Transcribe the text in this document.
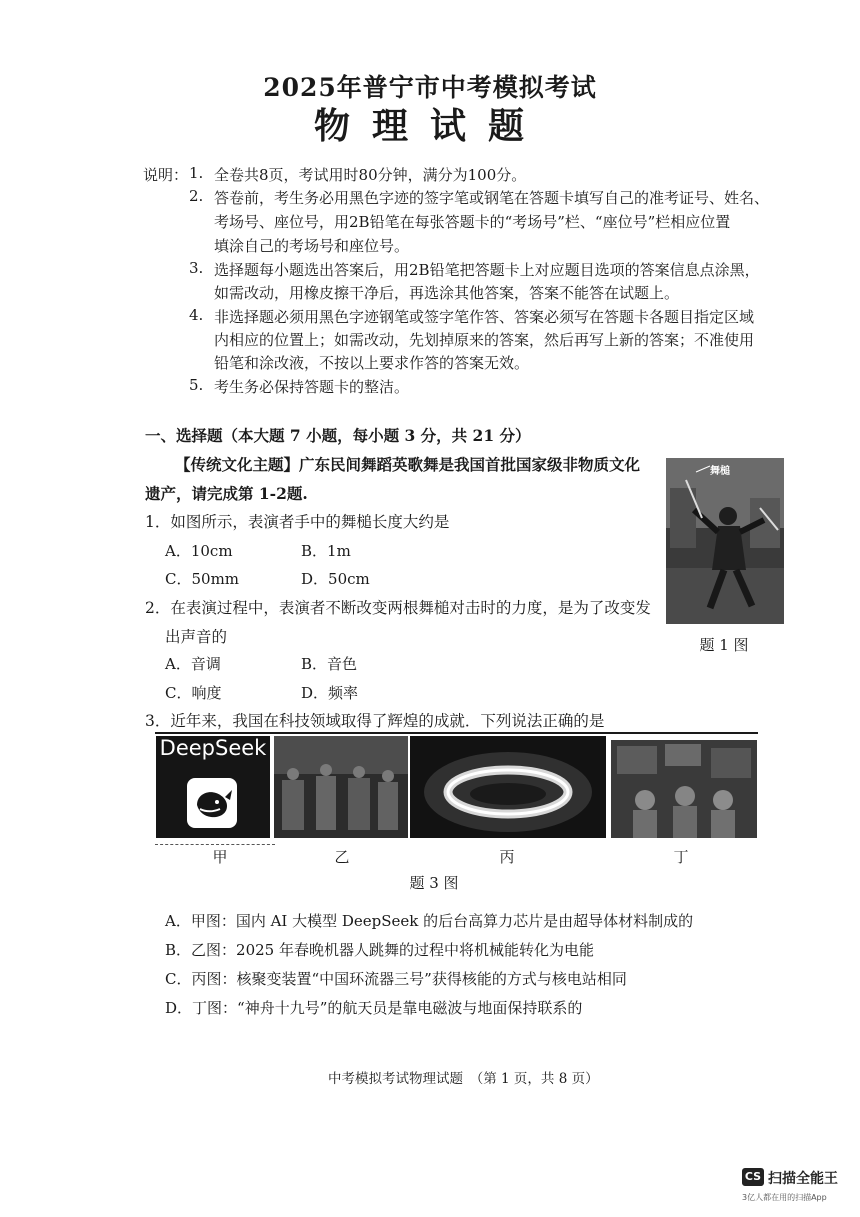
2025年普宁市中考模拟考试
物理试题
说明： 1. 全卷共8页，考试用时80分钟，满分为100分。
2. 答卷前，考生务必用黑色字迹的签字笔或钢笔在答题卡填写自己的准考证号、姓名、
考场号、座位号，用2B铅笔在每张答题卡的“考场号”栏、“座位号”栏相应位置
填涂自己的考场号和座位号。
3. 选择题每小题选出答案后，用2B铅笔把答题卡上对应题目选项的答案信息点涂黑，
如需改动，用橡皮擦干净后，再选涂其他答案，答案不能答在试题上。
4. 非选择题必须用黑色字迹钢笔或签字笔作答、答案必须写在答题卡各题目指定区域
内相应的位置上；如需改动，先划掉原来的答案，然后再写上新的答案；不准使用
铅笔和涂改液，不按以上要求作答的答案无效。
5. 考生务必保持答题卡的整洁。
一、选择题（本大题 7 小题，每小题 3 分，共 21 分）
【传统文化主题】广东民间舞蹈英歌舞是我国首批国家级非物质文化
遗产，请完成第 1-2题.
舞槌
题 1 图
1．如图所示，表演者手中的舞槌长度大约是
A．10cm	B．1m
C．50mm	D．50cm
2．在表演过程中，表演者不断改变两根舞槌对击时的力度，是为了改变发
出声音的
A．音调	B．音色
C．响度	D．频率
3．近年来，我国在科技领域取得了辉煌的成就．下列说法正确的是
DeepSeek
甲	乙	丙	丁
题 3 图
A．甲图：国内 AI 大模型 DeepSeek 的后台高算力芯片是由超导体材料制成的
B．乙图：2025 年春晚机器人跳舞的过程中将机械能转化为电能
C．丙图：核聚变装置“中国环流器三号”获得核能的方式与核电站相同
D．丁图：“神舟十九号”的航天员是靠电磁波与地面保持联系的
中考模拟考试物理试题　（第 1 页，共 8 页）
CS 扫描全能王
3亿人都在用的扫描App
